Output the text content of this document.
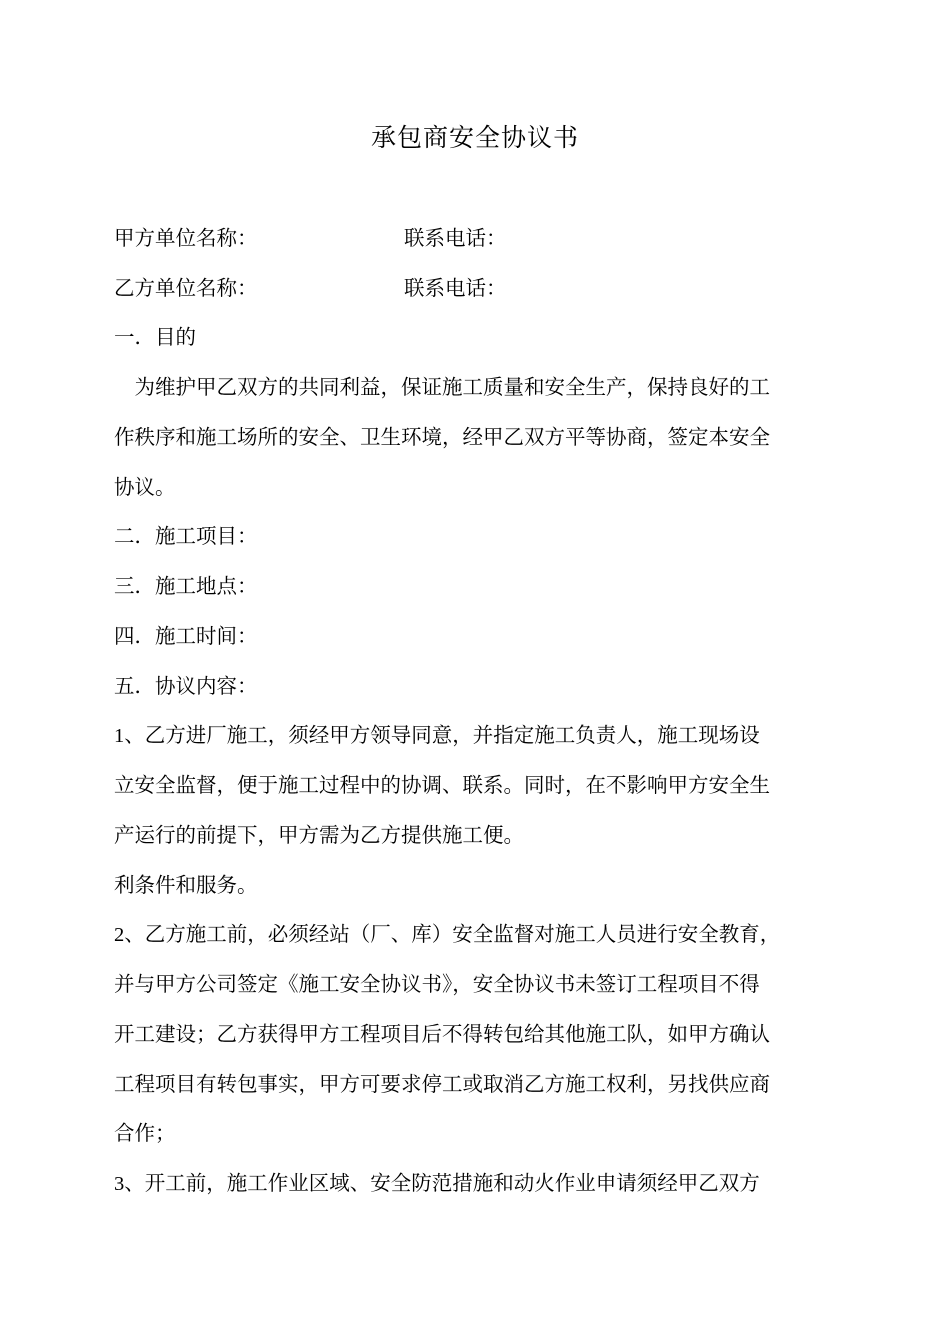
承包商安全协议书
甲方单位名称：	联系电话：
乙方单位名称：	联系电话：
一．目的
　为维护甲乙双方的共同利益，保证施工质量和安全生产，保持良好的工
作秩序和施工场所的安全、卫生环境，经甲乙双方平等协商，签定本安全
协议。
二．施工项目：
三．施工地点：
四．施工时间：
五．协议内容：
1、乙方进厂施工，须经甲方领导同意，并指定施工负责人，施工现场设
立安全监督，便于施工过程中的协调、联系。同时，在不影响甲方安全生
产运行的前提下，甲方需为乙方提供施工便。
利条件和服务。
2、乙方施工前，必须经站（厂、库）安全监督对施工人员进行安全教育，
并与甲方公司签定《施工安全协议书》，安全协议书未签订工程项目不得
开工建设；乙方获得甲方工程项目后不得转包给其他施工队，如甲方确认
工程项目有转包事实，甲方可要求停工或取消乙方施工权利，另找供应商
合作；
3、开工前，施工作业区域、安全防范措施和动火作业申请须经甲乙双方
